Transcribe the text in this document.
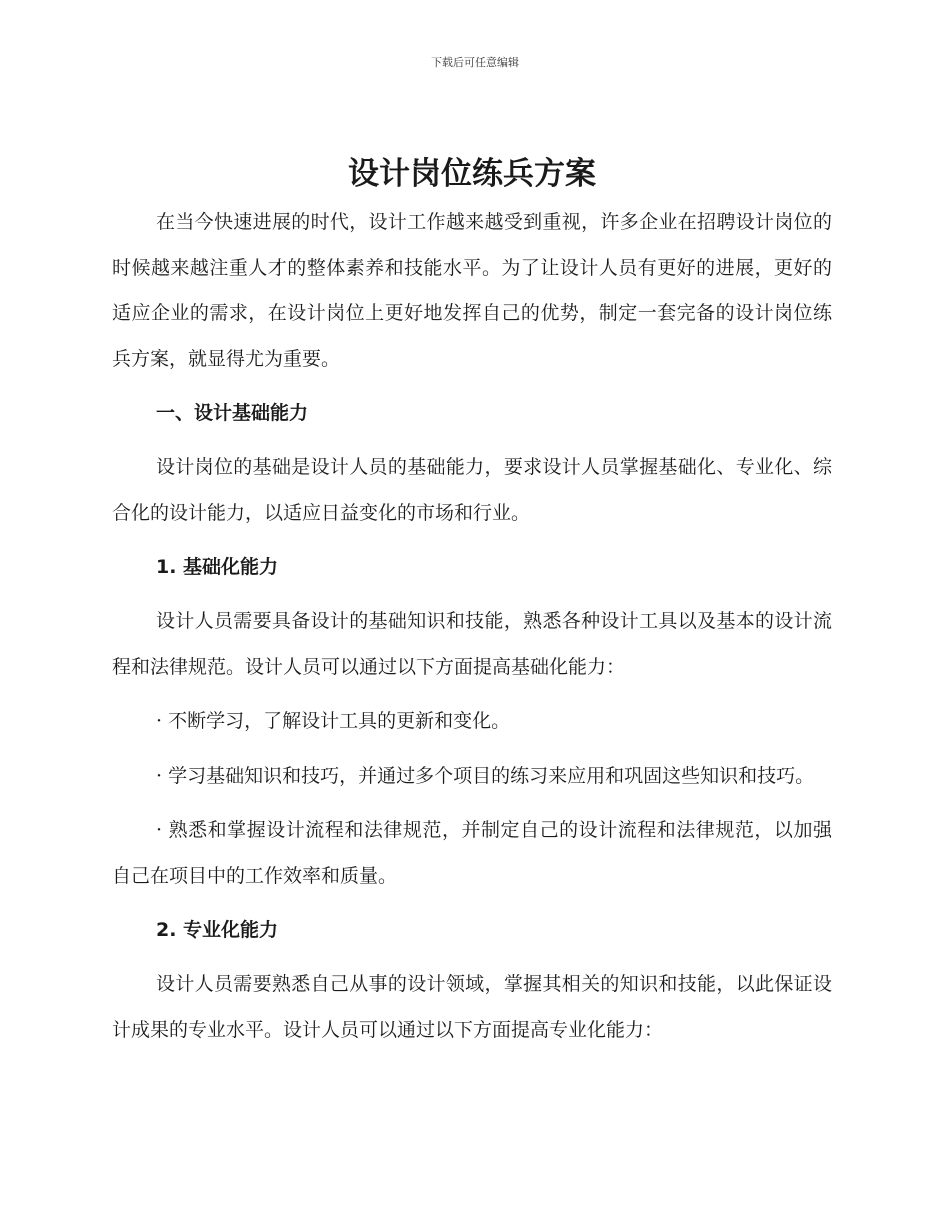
下载后可任意编辑
设计岗位练兵方案

在当今快速进展的时代，设计工作越来越受到重视，许多企业在招聘设计岗位的时候越来越注重人才的整体素养和技能水平。为了让设计人员有更好的进展，更好的适应企业的需求，在设计岗位上更好地发挥自己的优势，制定一套完备的设计岗位练兵方案，就显得尤为重要。

一、设计基础能力

设计岗位的基础是设计人员的基础能力，要求设计人员掌握基础化、专业化、综合化的设计能力，以适应日益变化的市场和行业。

1. 基础化能力

设计人员需要具备设计的基础知识和技能，熟悉各种设计工具以及基本的设计流程和法律规范。设计人员可以通过以下方面提高基础化能力：

· 不断学习，了解设计工具的更新和变化。

· 学习基础知识和技巧，并通过多个项目的练习来应用和巩固这些知识和技巧。

· 熟悉和掌握设计流程和法律规范，并制定自己的设计流程和法律规范，以加强自己在项目中的工作效率和质量。

2. 专业化能力

设计人员需要熟悉自己从事的设计领域，掌握其相关的知识和技能，以此保证设计成果的专业水平。设计人员可以通过以下方面提高专业化能力：
